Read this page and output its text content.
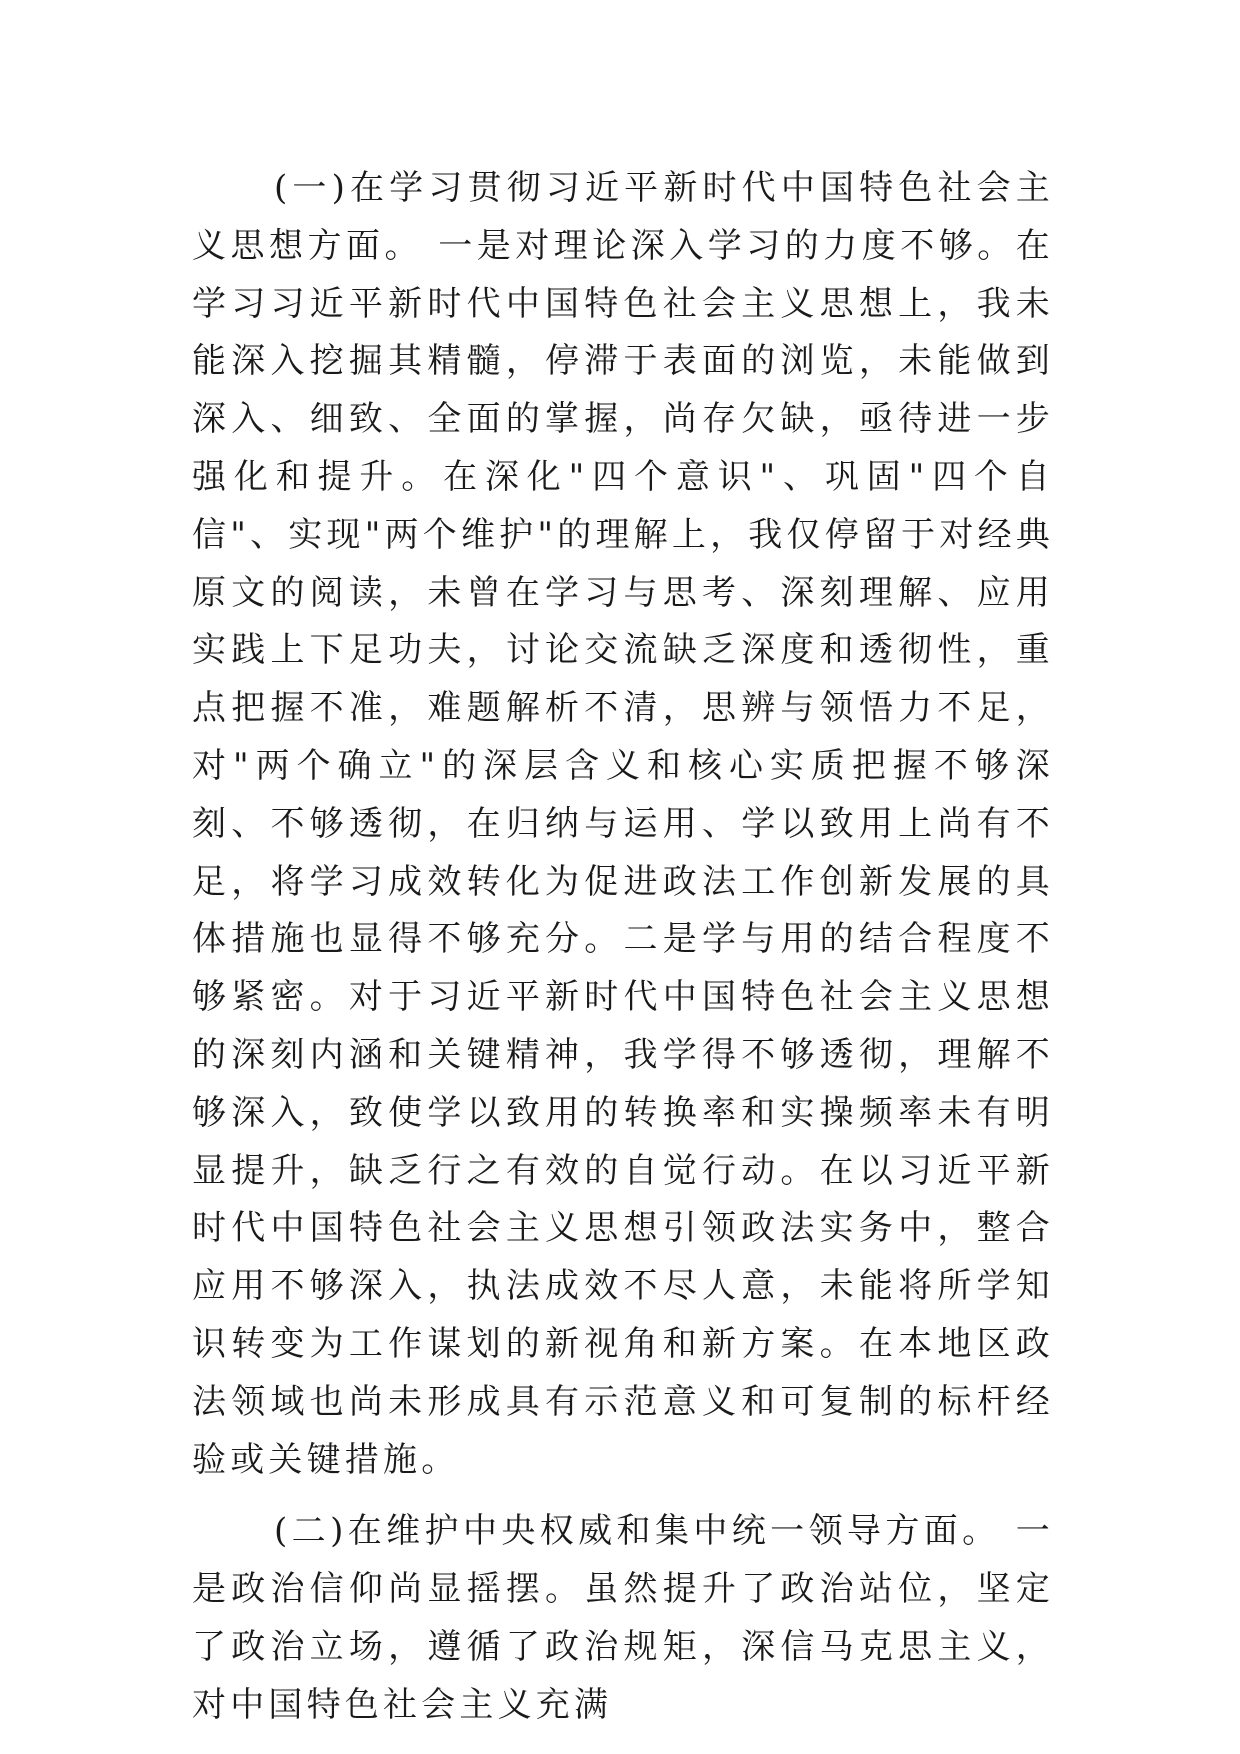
(一)在学习贯彻习近平新时代中国特色社会主义思想方面。 一是对理论深入学习的力度不够。在学习习近平新时代中国特色社会主义思想上，我未能深入挖掘其精髓，停滞于表面的浏览，未能做到深入、细致、全面的掌握，尚存欠缺，亟待进一步强化和提升。在深化"四个意识"、巩固"四个自信"、实现"两个维护"的理解上，我仅停留于对经典原文的阅读，未曾在学习与思考、深刻理解、应用实践上下足功夫，讨论交流缺乏深度和透彻性，重点把握不准，难题解析不清，思辨与领悟力不足，对"两个确立"的深层含义和核心实质把握不够深刻、不够透彻，在归纳与运用、学以致用上尚有不足，将学习成效转化为促进政法工作创新发展的具体措施也显得不够充分。二是学与用的结合程度不够紧密。对于习近平新时代中国特色社会主义思想的深刻内涵和关键精神，我学得不够透彻，理解不够深入，致使学以致用的转换率和实操频率未有明显提升，缺乏行之有效的自觉行动。在以习近平新时代中国特色社会主义思想引领政法实务中，整合应用不够深入，执法成效不尽人意，未能将所学知识转变为工作谋划的新视角和新方案。在本地区政法领域也尚未形成具有示范意义和可复制的标杆经验或关键措施。

(二)在维护中央权威和集中统一领导方面。 一是政治信仰尚显摇摆。虽然提升了政治站位，坚定了政治立场，遵循了政治规矩，深信马克思主义，对中国特色社会主义充满
